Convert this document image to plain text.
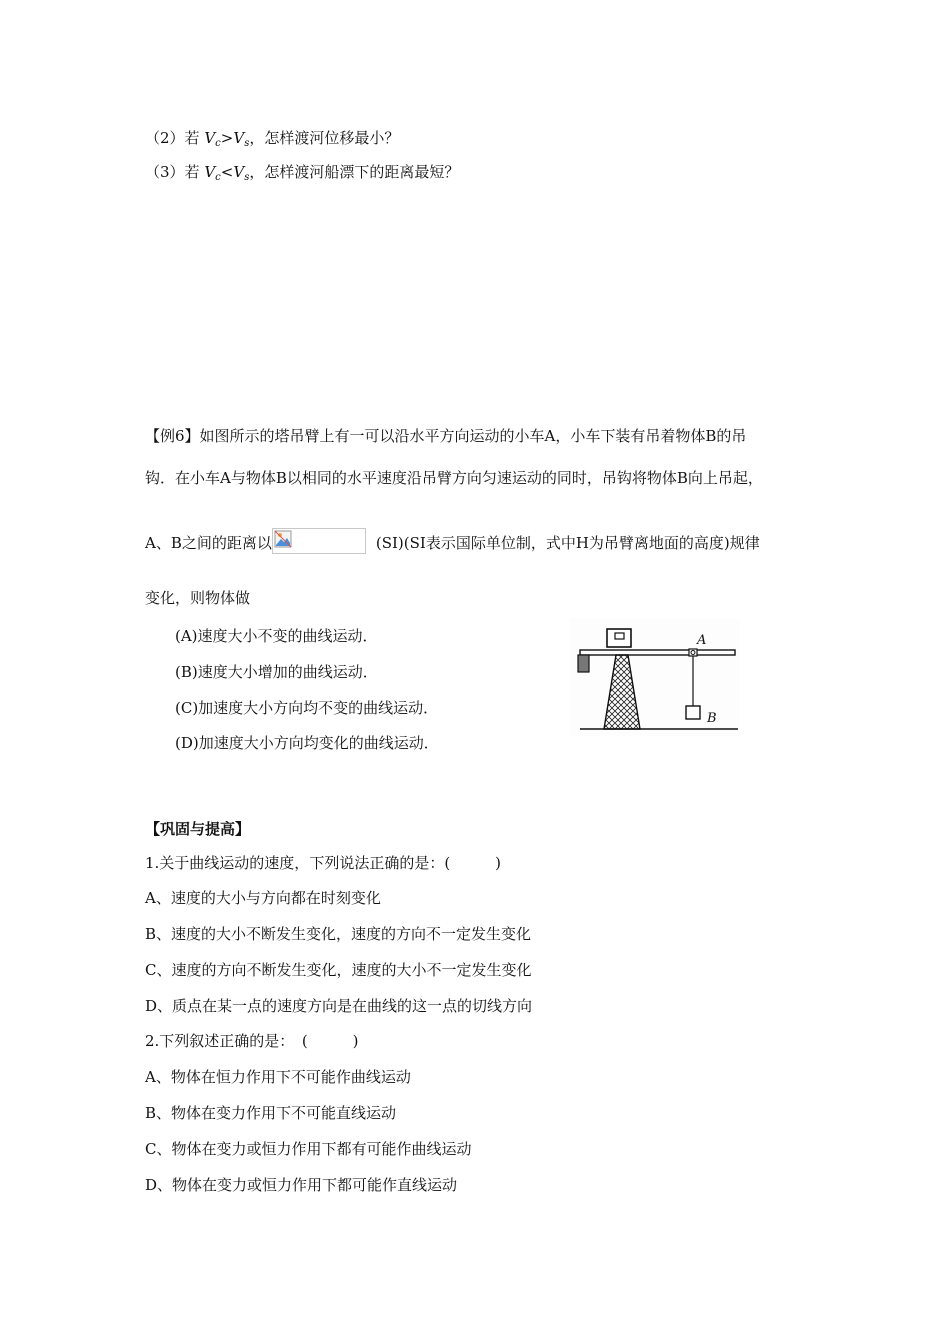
（2）若 $V_c>V_s$，怎样渡河位移最小？
（3）若 $V_c<V_s$，怎样渡河船漂下的距离最短？
【例6】如图所示的塔吊臂上有一可以沿水平方向运动的小车A，小车下装有吊着物体B的吊
钩．在小车A与物体B以相同的水平速度沿吊臂方向匀速运动的同时，吊钩将物体B向上吊起，
A、B之间的距离以	(SI)(SI表示国际单位制，式中H为吊臂离地面的高度)规律
变化，则物体做
(A)速度大小不变的曲线运动．
(B)速度大小增加的曲线运动．
(C)加速度大小方向均不变的曲线运动．
(D)加速度大小方向均变化的曲线运动．
A
B
【巩固与提高】
1.关于曲线运动的速度，下列说法正确的是：(　　　)
A、速度的大小与方向都在时刻变化
B、速度的大小不断发生变化，速度的方向不一定发生变化
C、速度的方向不断发生变化，速度的大小不一定发生变化
D、质点在某一点的速度方向是在曲线的这一点的切线方向
2.下列叙述正确的是：　(　　　)
A、物体在恒力作用下不可能作曲线运动
B、物体在变力作用下不可能直线运动
C、物体在变力或恒力作用下都有可能作曲线运动
D、物体在变力或恒力作用下都可能作直线运动
